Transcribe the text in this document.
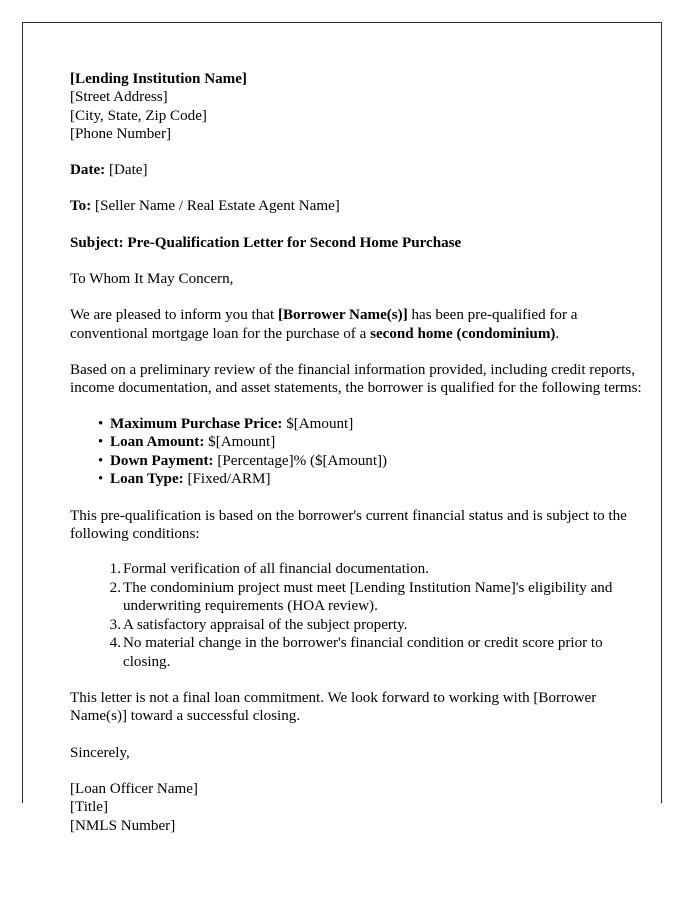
[Lending Institution Name]
[Street Address]
[City, State, Zip Code]
[Phone Number]
Date: [Date]
To: [Seller Name / Real Estate Agent Name]
Subject: Pre-Qualification Letter for Second Home Purchase
To Whom It May Concern,

We are pleased to inform you that [Borrower Name(s)] has been pre-qualified for a conventional mortgage loan for the purchase of a second home (condominium).

Based on a preliminary review of the financial information provided, including credit reports, income documentation, and asset statements, the borrower is qualified for the following terms:

• Maximum Purchase Price: $[Amount]
• Loan Amount: $[Amount]
• Down Payment: [Percentage]% ($[Amount])
• Loan Type: [Fixed/ARM]

This pre-qualification is based on the borrower's current financial status and is subject to the following conditions:

Formal verification of all financial documentation.
The condominium project must meet [Lending Institution Name]'s eligibility and underwriting requirements (HOA review).
A satisfactory appraisal of the subject property.
No material change in the borrower's financial condition or credit score prior to closing.

This letter is not a final loan commitment. We look forward to working with [Borrower Name(s)] toward a successful closing.

Sincerely,
[Loan Officer Name]
[Title]
[NMLS Number]
